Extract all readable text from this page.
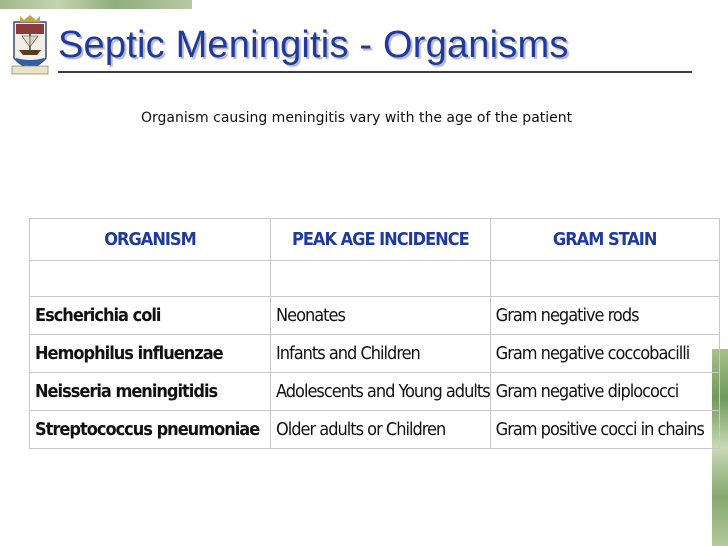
Septic Meningitis - Organisms
Organism causing meningitis vary with the age of the patient
ORGANISM	PEAK AGE INCIDENCE	GRAM STAIN

Escherichia coli	Neonates	Gram negative rods
Hemophilus influenzae	Infants and Children	Gram negative coccobacilli
Neisseria meningitidis	Adolescents and Young adults	Gram negative diplococci
Streptococcus pneumoniae	Older adults or Children	Gram positive cocci in chains
